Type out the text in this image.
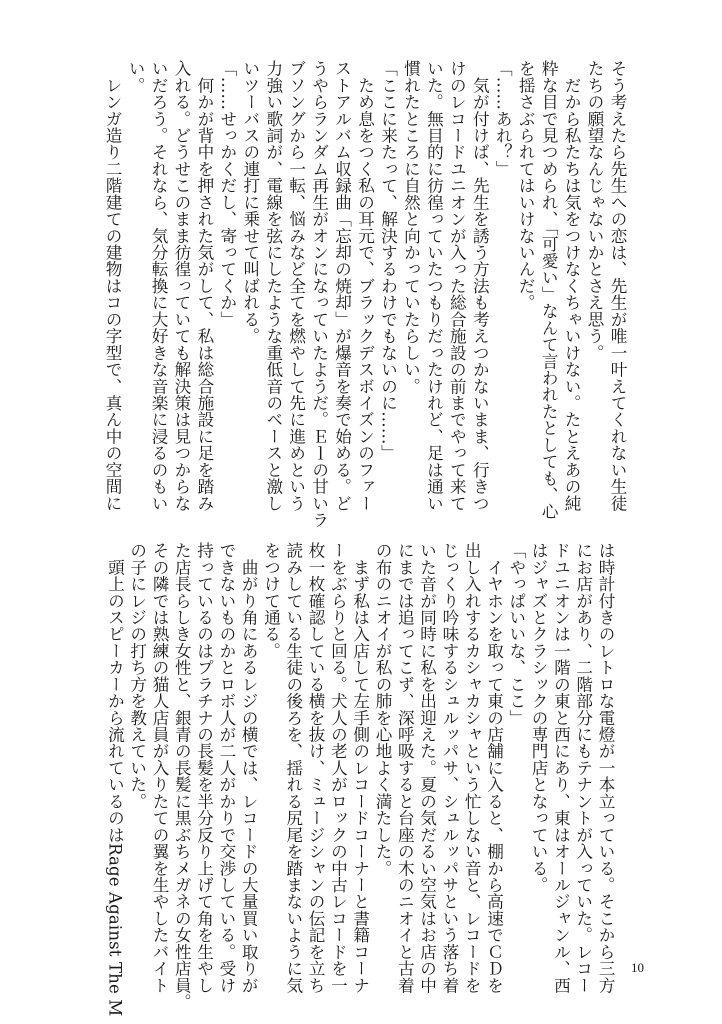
そう考えたら先生への恋は、先生が唯一叶えてくれない生徒
たちの願望なんじゃないかとさえ思う。
　だから私たちは気をつけなくちゃいけない。たとえあの純
粋な目で見つめられ、「可愛い」なんて言われたとしても、心
を揺さぶられてはいけないんだ。
「……あれ？」
　気が付けば、先生を誘う方法も考えつかないまま、行きつ
けのレコードユニオンが入った総合施設の前までやって来て
いた。無目的に彷徨っていたつもりだったけれど、足は通い
慣れたところに自然と向かっていたらしい。
「ここに来たって、解決するわけでもないのに……」
　ため息をつく私の耳元で、ブラックデスボイズンのファー
ストアルバム収録曲「忘却の焼却」が爆音を奏で始める。ど
うやらランダム再生がオンになっていたようだ。Ｅｌの甘いラ
ブソングから一転、悩みなど全てを燃やして先に進めという
力強い歌詞が、電線を弦にしたような重低音のベースと激し
いツーバスの連打に乗せて叫ばれる。
「……せっかくだし、寄ってくか」
　何かが背中を押された気がして、私は総合施設に足を踏み
入れる。どうせこのまま彷徨っていても解決策は見つからな
いだろう。それなら、気分転換に大好きな音楽に浸るのもい
い。
　レンガ造り二階建ての建物はコの字型で、真ん中の空間に
は時計付きのレトロな電燈が一本立っている。そこから三方
にお店があり、二階部分にもテナントが入っていた。レコー
ドユニオンは一階の東と西にあり、東はオールジャンル、西
はジャズとクラシックの専門店となっている。
「やっぱいいな、ここ」
　イヤホンを取って東の店舗に入ると、棚から高速でＣＤを
出し入れするカシャカシャという忙しない音と、レコードを
じっくり吟味するシュルッパサ、シュルッパサという落ち着
いた音が同時に私を出迎えた。夏の気だるい空気はお店の中
にまでは追ってこず、深呼吸すると台座の木のニオイと古着
の布のニオイが私の肺を心地よく満たした。
　まず私は入店して左手側のレコードコーナーと書籍コーナ
ーをぶらりと回る。犬人の老人がロックの中古レコードを一
枚一枚確認している横を抜け、ミュージシャンの伝記を立ち
読みしている生徒の後ろを、揺れる尻尾を踏まないように気
をつけて通る。
　曲がり角にあるレジの横では、レコードの大量買い取りが
できないものかとロボ人が二人がかりで交渉している。受け
持っているのはプラチナの長髪を半分反り上げて角を生やし
た店長らしき女性と、銀青の長髪に黒ぶちメガネの女性店員。
その隣では熟練の猫人店員が入りたての翼を生やしたバイト
の子にレジの打ち方を教えていた。
　頭上のスピーカーから流れているのはRage Against The M	10
